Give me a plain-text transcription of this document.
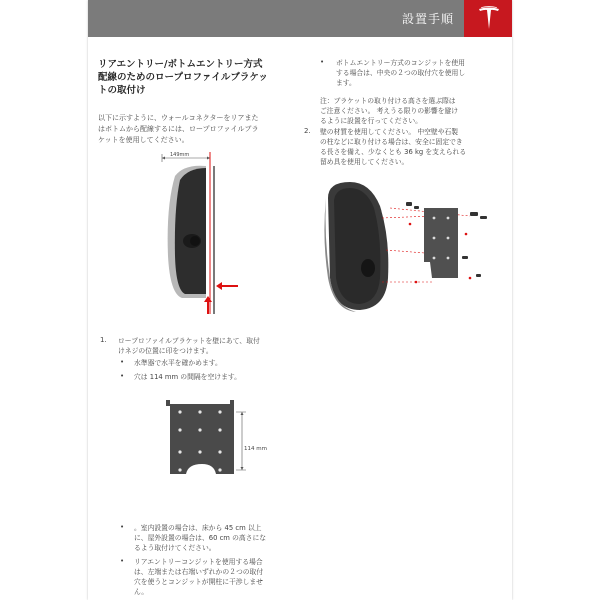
設置手順
リアエントリー/ボトムエントリー方式
配線のためのロープロファイルブラケッ
トの取付け
以下に示すように、ウォールコネクターをリアまた
はボトムから配線するには、ロープロファイルブラ
ケットを使用してください。
149mm
1. ロープロファイルブラケットを壁にあて、取付
けネジの位置に印をつけます。
• 水準器で水平を確かめます。
• 穴は 114 mm の間隔を空けます。
114 mm
• 。室内設置の場合は、床から 45 cm 以上
に、屋外設置の場合は、60 cm の高さにな
るよう取付けてください。
• リアエントリーコンジットを使用する場合
は、左端または右端いずれかの２つの取付
穴を使うとコンジットが開柱に干渉しませ
ん。
• ボトムエントリー方式のコンジットを使用
する場合は、中央の２つの取付穴を使用し
ます。
注：ブラケットの取り付ける高さを選ぶ際は
ご注意ください。 考えうる限りの影響を避け
るように設置を行ってください。
2. 壁の材質を使用してください。 中空壁や石製
の柱などに取り付ける場合は、安全に固定でき
る長さを備え、少なくとも 36 kg を支えられる
留め具を使用してください。
